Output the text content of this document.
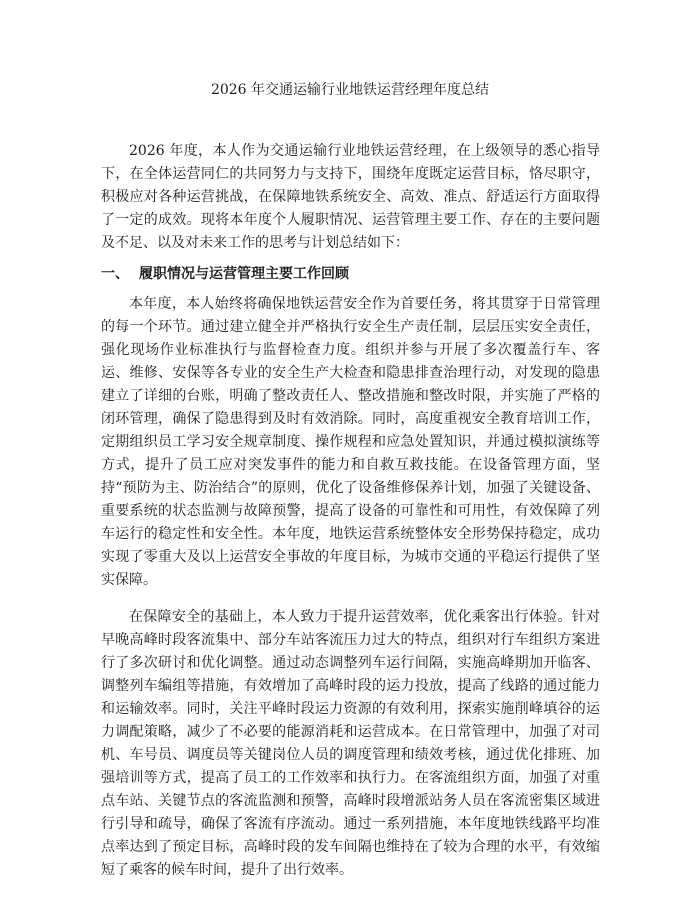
2026 年交通运输行业地铁运营经理年度总结

2026 年度，本人作为交通运输行业地铁运营经理，在上级领导的悉心指导下，在全体运营同仁的共同努力与支持下，围绕年度既定运营目标，恪尽职守，积极应对各种运营挑战，在保障地铁系统安全、高效、准点、舒适运行方面取得了一定的成效。现将本年度个人履职情况、运营管理主要工作、存在的主要问题及不足、以及对未来工作的思考与计划总结如下：

一、 履职情况与运营管理主要工作回顾

本年度，本人始终将确保地铁运营安全作为首要任务，将其贯穿于日常管理的每一个环节。通过建立健全并严格执行安全生产责任制，层层压实安全责任，强化现场作业标准执行与监督检查力度。组织并参与开展了多次覆盖行车、客运、维修、安保等各专业的安全生产大检查和隐患排查治理行动，对发现的隐患建立了详细的台账，明确了整改责任人、整改措施和整改时限，并实施了严格的闭环管理，确保了隐患得到及时有效消除。同时，高度重视安全教育培训工作，定期组织员工学习安全规章制度、操作规程和应急处置知识，并通过模拟演练等方式，提升了员工应对突发事件的能力和自救互救技能。在设备管理方面，坚持“预防为主、防治结合”的原则，优化了设备维修保养计划，加强了关键设备、重要系统的状态监测与故障预警，提高了设备的可靠性和可用性，有效保障了列车运行的稳定性和安全性。本年度，地铁运营系统整体安全形势保持稳定，成功实现了零重大及以上运营安全事故的年度目标，为城市交通的平稳运行提供了坚实保障。

在保障安全的基础上，本人致力于提升运营效率，优化乘客出行体验。针对早晚高峰时段客流集中、部分车站客流压力过大的特点，组织对行车组织方案进行了多次研讨和优化调整。通过动态调整列车运行间隔，实施高峰期加开临客、调整列车编组等措施，有效增加了高峰时段的运力投放，提高了线路的通过能力和运输效率。同时，关注平峰时段运力资源的有效利用，探索实施削峰填谷的运力调配策略，减少了不必要的能源消耗和运营成本。在日常管理中，加强了对司机、车号员、调度员等关键岗位人员的调度管理和绩效考核，通过优化排班、加强培训等方式，提高了员工的工作效率和执行力。在客流组织方面，加强了对重点车站、关键节点的客流监测和预警，高峰时段增派站务人员在客流密集区域进行引导和疏导，确保了客流有序流动。通过一系列措施，本年度地铁线路平均准点率达到了预定目标，高峰时段的发车间隔也维持在了较为合理的水平，有效缩短了乘客的候车时间，提升了出行效率。
